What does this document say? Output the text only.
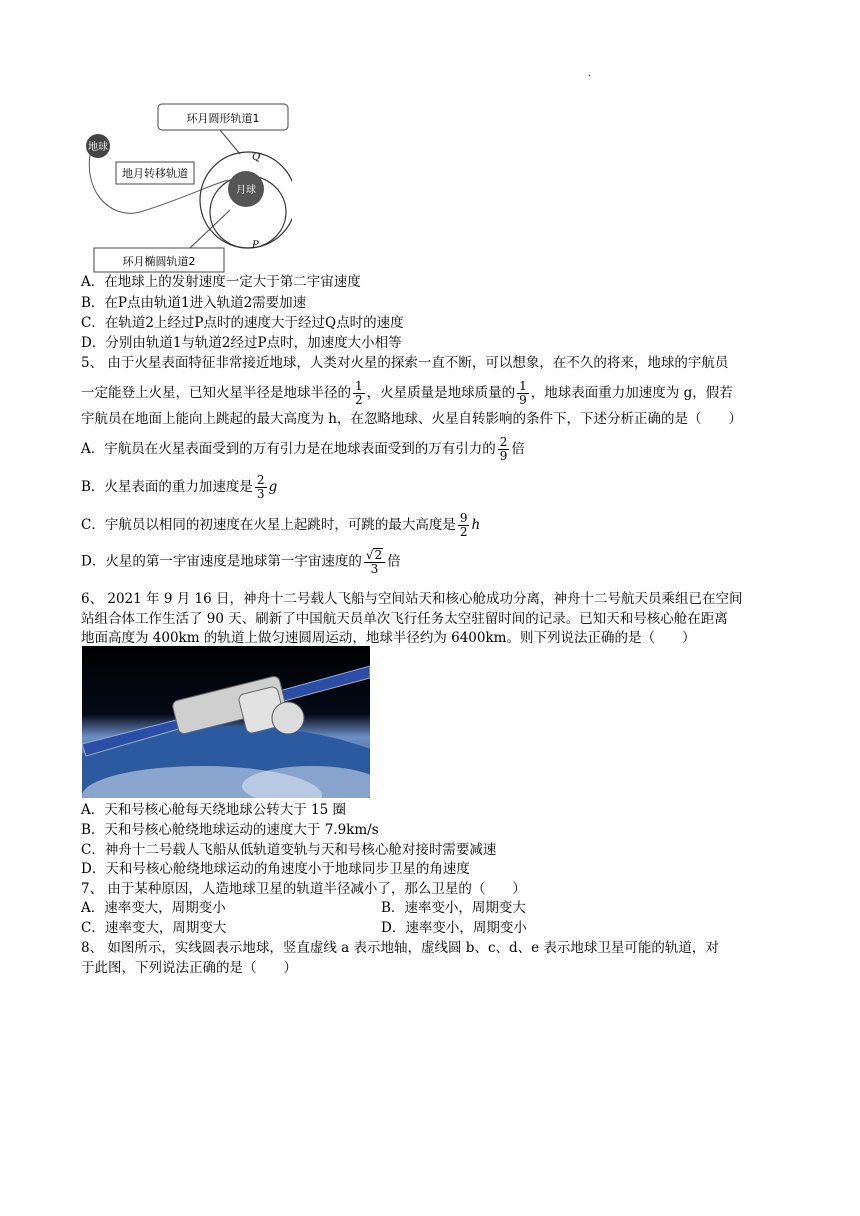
.
地球
月球
Q
P
环月圆形轨道1
地月转移轨道
环月椭圆轨道2
A．在地球上的发射速度一定大于第二宇宙速度
B．在P点由轨道1进入轨道2需要加速
C．在轨道2上经过P点时的速度大于经过Q点时的速度
D．分别由轨道1与轨道2经过P点时，加速度大小相等
5、 由于火星表面特征非常接近地球，人类对火星的探索一直不断，可以想象，在不久的将来，地球的宇航员
一定能登上火星，已知火星半径是地球半径的 $\frac{1}{2}$ ，火星质量是地球质量的 $\frac{1}{9}$ ，地球表面重力加速度为 g，假若
宇航员在地面上能向上跳起的最大高度为 h，在忽略地球、火星自转影响的条件下，下述分析正确的是（　　）
A．宇航员在火星表面受到的万有引力是在地球表面受到的万有引力的 $\frac{2}{9}$ 倍
B．火星表面的重力加速度是 $\frac{2}{3}$ g
C．宇航员以相同的初速度在火星上起跳时，可跳的最大高度是 $\frac{9}{2}$ h
D．火星的第一宇宙速度是地球第一宇宙速度的 $\frac{√2}{3}$ 倍
6、 2021 年 9 月 16 日，神舟十二号载人飞船与空间站天和核心舱成功分离，神舟十二号航天员乘组已在空间
站组合体工作生活了 90 天、刷新了中国航天员单次飞行任务太空驻留时间的记录。已知天和号核心舱在距离
地面高度为 400km 的轨道上做匀速圆周运动，地球半径约为 6400km。则下列说法正确的是（　　）
A．天和号核心舱每天绕地球公转大于 15 圈
B．天和号核心舱绕地球运动的速度大于 7.9km/s
C．神舟十二号载人飞船从低轨道变轨与天和号核心舱对接时需要减速
D．天和号核心舱绕地球运动的角速度小于地球同步卫星的角速度
7、 由于某种原因，人造地球卫星的轨道半径减小了，那么卫星的（　　）
A．速率变大，周期变小	B．速率变小，周期变大
C．速率变大，周期变大	D．速率变小，周期变小
8、 如图所示，实线圆表示地球，竖直虚线 a 表示地轴，虚线圆 b、c、d、e 表示地球卫星可能的轨道，对
于此图，下列说法正确的是（　　）
